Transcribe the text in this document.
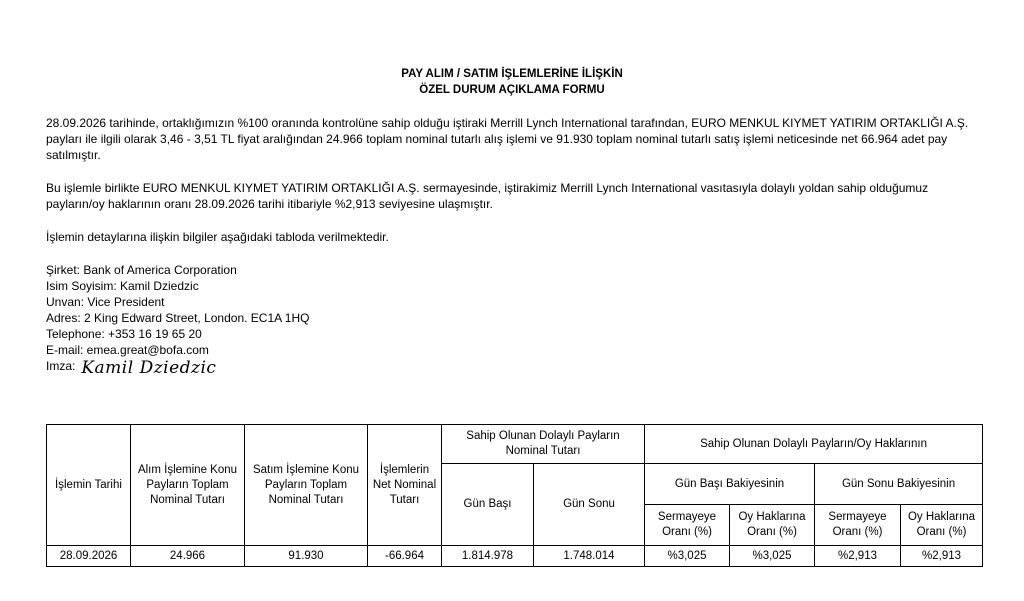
PAY ALIM / SATIM İŞLEMLERİNE İLİŞKİN
ÖZEL DURUM AÇIKLAMA FORMU

28.09.2026 tarihinde, ortaklığımızın %100 oranında kontrolüne sahip olduğu iştiraki Merrill Lynch International tarafından, EURO MENKUL KIYMET YATIRIM ORTAKLIĞI A.Ş. payları ile ilgili olarak 3,46 - 3,51 TL fiyat aralığından 24.966 toplam nominal tutarlı alış işlemi ve 91.930 toplam nominal tutarlı satış işlemi neticesinde net 66.964 adet pay satılmıştır.

Bu işlemle birlikte EURO MENKUL KIYMET YATIRIM ORTAKLIĞI A.Ş. sermayesinde, iştirakimiz Merrill Lynch International vasıtasıyla dolaylı yoldan sahip olduğumuz payların/oy haklarının oranı 28.09.2026 tarihi itibariyle %2,913 seviyesine ulaşmıştır.

İşlemin detaylarına ilişkin bilgiler aşağıdaki tabloda verilmektedir.

Şirket: Bank of America Corporation
Isim Soyisim: Kamil Dziedzic
Unvan: Vice President
Adres: 2 King Edward Street, London. EC1A 1HQ
Telephone: +353 16 19 65 20
E-mail: emea.great@bofa.com
Imza: Kamil Dziedzic
İşlemin Tarihi	Alım İşlemine Konu Payların Toplam Nominal Tutarı	Satım İşlemine Konu Payların Toplam Nominal Tutarı	İşlemlerin Net Nominal Tutarı	Sahip Olunan Dolaylı Payların Nominal Tutarı		Sahip Olunan Dolaylı Payların/Oy Haklarının			
				Gün Başı	Gün Sonu	Gün Başı Bakiyesinin		Gün Sonu Bakiyesinin	
						Sermayeye Oranı (%)	Oy Haklarına Oranı (%)	Sermayeye Oranı (%)	Oy Haklarına Oranı (%)
28.09.2026	24.966	91.930	-66.964	1.814.978	1.748.014	%3,025	%3,025	%2,913	%2,913
